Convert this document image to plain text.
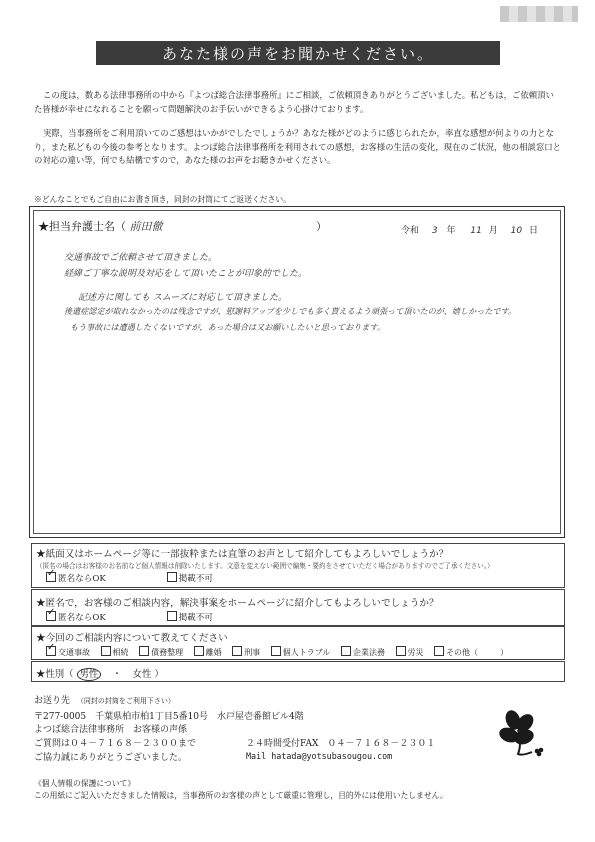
あなた様の声をお聞かせください。

この度は，数ある法律事務所の中から『よつば総合法律事務所』にご相談，ご依頼頂きありがとうございました。私どもは，ご依頼頂いた皆様が幸せになれることを願って問題解決のお手伝いができるよう心掛けております。

実際，当事務所をご利用頂いてのご感想はいかがでしたでしょうか？あなた様がどのように感じられたか，率直な感想が何よりの力となり，また私どもの今後の参考となります。よつば総合法律事務所を利用されての感想，お客様の生活の変化，現在のご状況，他の相談窓口との対応の違い等，何でも結構ですので，あなた様のお声をお聴きかせください。

※どんなことでもご自由にお書き頂き，同封の封筒にてご返送ください。
★担当弁護士名（ 前田徹	）	令和 3 年 11 月 10 日
交通事故でご依頼させて頂きました。
経緯ご丁寧な説明及対応をして頂いたことが印象的でした。
記述方に関しても スムーズに対応して頂きました。
後遺症認定が取れなかったのは残念ですが，慰謝料アップを少しでも多く貰えるよう頑張って頂いたのが，嬉しかったです。
もう事故には遭遇したくないですが，あった場合は又お願いしたいと思っております。
★紙面又はホームページ等に一部抜粋または直筆のお声として紹介してもよろしいでしょうか？
（匿名の場合はお客様のお名前など個人情報は削除いたします。文意を変えない範囲で編集・要約をさせていただく場合がありますのでご了承ください。）
✓匿名ならOK	掲載不可
★匿名で，お客様のご相談内容，解決事案をホームページに紹介してもよろしいでしょうか？
✓匿名ならOK	掲載不可
★今回のご相談内容について教えてください
✓交通事故	相続	債務整理	離婚	刑事	個人トラブル	企業法務	労災	その他（	）
★性別（ 男性 ・ 女性 ）
お送り先 （同封の封筒をご利用下さい）
〒277-0005　千葉県柏市柏1丁目5番10号　水戸屋壱番館ビル4階
よつば総合法律事務所　お客様の声係
ご質問は０４－７１６８－２３００まで
ご協力誠にありがとうございました。
２４時間受付FAX　０４－７１６８－２３０１
Mail hatada@yotsubasougou.com
《個人情報の保護について》
この用紙にご記入いただきました情報は，当事務所のお客様の声として厳重に管理し，目的外には使用いたしません。
